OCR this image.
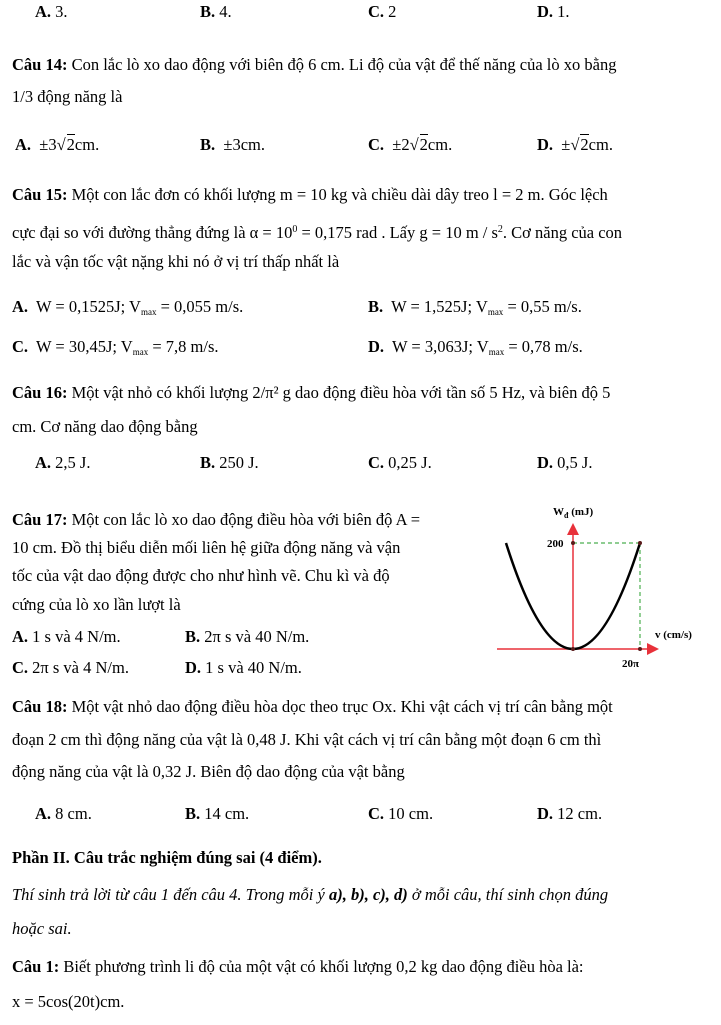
A. 3.	B. 4.	C. 2	D. 1.
Câu 14: Con lắc lò xo dao động với biên độ 6 cm. Li độ của vật để thế năng của lò xo bằng
1/3 động năng là
A. ±3√2cm.	B. ±3cm.	C. ±2√2cm.	D. ±√2cm.
Câu 15: Một con lắc đơn có khối lượng m = 10 kg và chiều dài dây treo l = 2 m. Góc lệch
cực đại so với đường thẳng đứng là $\alpha = 10^0 = 0,175$ rad . Lấy g = 10 m / $s^2$. Cơ năng của con
lắc và vận tốc vật nặng khi nó ở vị trí thấp nhất là
A. W = 0,1525J; $V_{max} = 0,055$ m/s.	B. W = 1,525J; $V_{max} = 0,55$ m/s.
C. W = 30,45J; $V_{max} = 7,8$ m/s.	D. W = 3,063J; $V_{max} = 0,78$ m/s.
Câu 16: Một vật nhỏ có khối lượng 2/π² g dao động điều hòa với tần số 5 Hz, và biên độ 5
cm. Cơ năng dao động bằng
A. 2,5 J.	B. 250 J.	C. 0,25 J.	D. 0,5 J.
Câu 17: Một con lắc lò xo dao động điều hòa với biên độ A =
10 cm. Đồ thị biểu diễn mối liên hệ giữa động năng và vận
tốc của vật dao động được cho như hình vẽ. Chu kì và độ
cứng của lò xo lần lượt là
A. 1 s và 4 N/m.	B. 2π s và 40 N/m.
C. 2π s và 4 N/m.	D. 1 s và 40 N/m.
$W_đ$ (mJ)
200
v (cm/s)
20π
Câu 18: Một vật nhỏ dao động điều hòa dọc theo trục Ox. Khi vật cách vị trí cân bằng một
đoạn 2 cm thì động năng của vật là 0,48 J. Khi vật cách vị trí cân bằng một đoạn 6 cm thì
động năng của vật là 0,32 J. Biên độ dao động của vật bằng
A. 8 cm.	B. 14 cm.	C. 10 cm.	D. 12 cm.
Phần II. Câu trắc nghiệm đúng sai (4 điểm).
Thí sinh trả lời từ câu 1 đến câu 4. Trong mỗi ý a), b), c), d) ở mỗi câu, thí sinh chọn đúng
hoặc sai.
Câu 1: Biết phương trình li độ của một vật có khối lượng 0,2 kg dao động điều hòa là:
x = 5cos(20t)cm.
